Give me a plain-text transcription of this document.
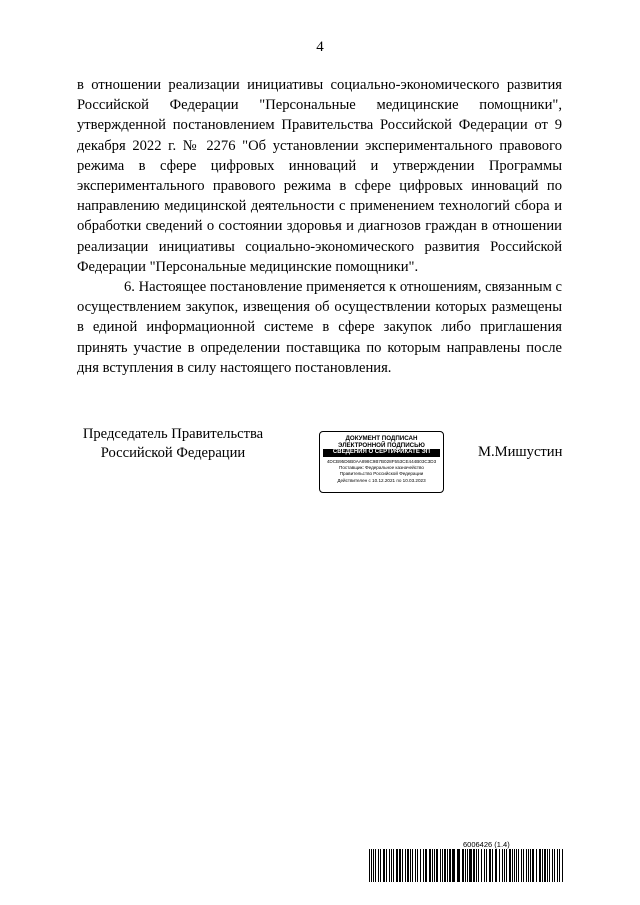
4

в отношении реализации инициативы социально-экономического развития Российской Федерации "Персональные медицинские помощники", утвержденной постановлением Правительства Российской Федерации от 9 декабря 2022 г. № 2276 "Об установлении экспериментального правового режима в сфере цифровых инноваций и утверждении Программы экспериментального правового режима в сфере цифровых инноваций по направлению медицинской деятельности с применением технологий сбора и обработки сведений о состоянии здоровья и диагнозов граждан в отношении реализации инициативы социально-экономического развития Российской Федерации "Персональные медицинские помощники".

6. Настоящее постановление применяется к отношениям, связанным с осуществлением закупок, извещения об осуществлении которых размещены в единой информационной системе в сфере закупок либо приглашения принять участие в определении поставщика по которым направлены после дня вступления в силу настоящего постановления.

Председатель Правительства
Российской Федерации
ДОКУМЕНТ ПОДПИСАН
ЭЛЕКТРОННОЙ ПОДПИСЬЮ
СВЕДЕНИЯ О СЕРТИФИКАТЕ ЭП
4DCB95D6B0AA898C9B7B028F553CE444B03C3D3
Поставщик: Федеральное казначейство
Правительство Российской Федерации
Действителен с 10.12.2021 по 10.03.2023
М.Мишустин
6006426 (1.4)
